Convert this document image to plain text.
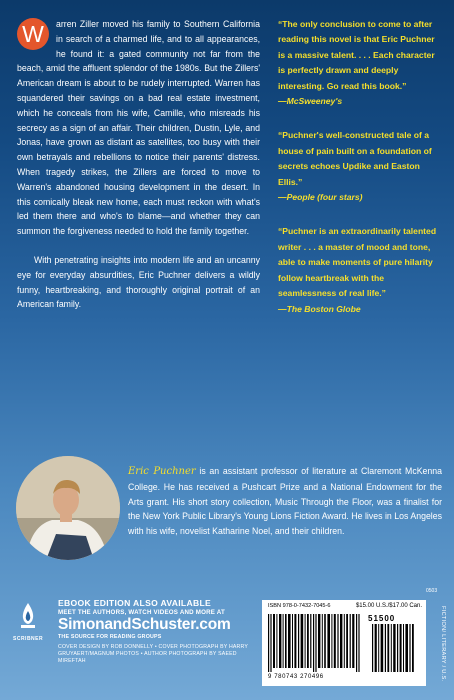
W	arren Ziller moved his family to Southern California in search of a charmed life, and to all appearances, he found it: a gated community not far from the beach, amid the affluent splendor of the 1980s. But the Zillers' American dream is about to be rudely interrupted. Warren has squandered their savings on a bad real estate investment, which he conceals from his wife, Camille, who misreads his secrecy as a sign of an affair. Their children, Dustin, Lyle, and Jonas, have grown as distant as satellites, too busy with their own betrayals and rebellions to notice their parents' distress. When tragedy strikes, the Zillers are forced to move to Warren's abandoned housing development in the desert. In this comically bleak new home, each must reckon with what's led them there and who's to blame—and whether they can summon the forgiveness needed to hold the family together.

With penetrating insights into modern life and an uncanny eye for everyday absurdities, Eric Puchner delivers a wildly funny, heartbreaking, and thoroughly original portrait of an American family.

“The only conclusion to come to after reading this novel is that Eric Puchner is a massive talent. . . . Each character is perfectly drawn and deeply interesting. Go read this book.”
—McSweeney's
“Puchner's well-constructed tale of a house of pain built on a foundation of secrets echoes Updike and Easton Ellis.”
—People (four stars)
“Puchner is an extraordinarily talented writer . . . a master of mood and tone, able to make moments of pure hilarity follow heartbreak with the seamlessness of real life.”
—The Boston Globe
Eric Puchner is an assistant professor of literature at Claremont McKenna College. He has received a Pushcart Prize and a National Endowment for the Arts grant. His short story collection, Music Through the Floor, was a finalist for the New York Public Library's Young Lions Fiction Award. He lives in Los Angeles with his wife, novelist Katharine Noel, and their children.
SCRIBNER
EBOOK EDITION ALSO AVAILABLE
MEET THE AUTHORS, WATCH VIDEOS AND MORE AT
SimonandSchuster.com
THE SOURCE FOR READING GROUPS
COVER DESIGN BY ROB DONNELLY • COVER PHOTOGRAPH BY HARRY GRUYAERT/MAGNUM PHOTOS • AUTHOR PHOTOGRAPH BY SAEED MIREFTAH
ISBN 978-0-7432-7045-6	$15.00 U.S./$17.00 Can.
51500
9 780743 270496
0503
FICTION/ LITERARY / U.S.
